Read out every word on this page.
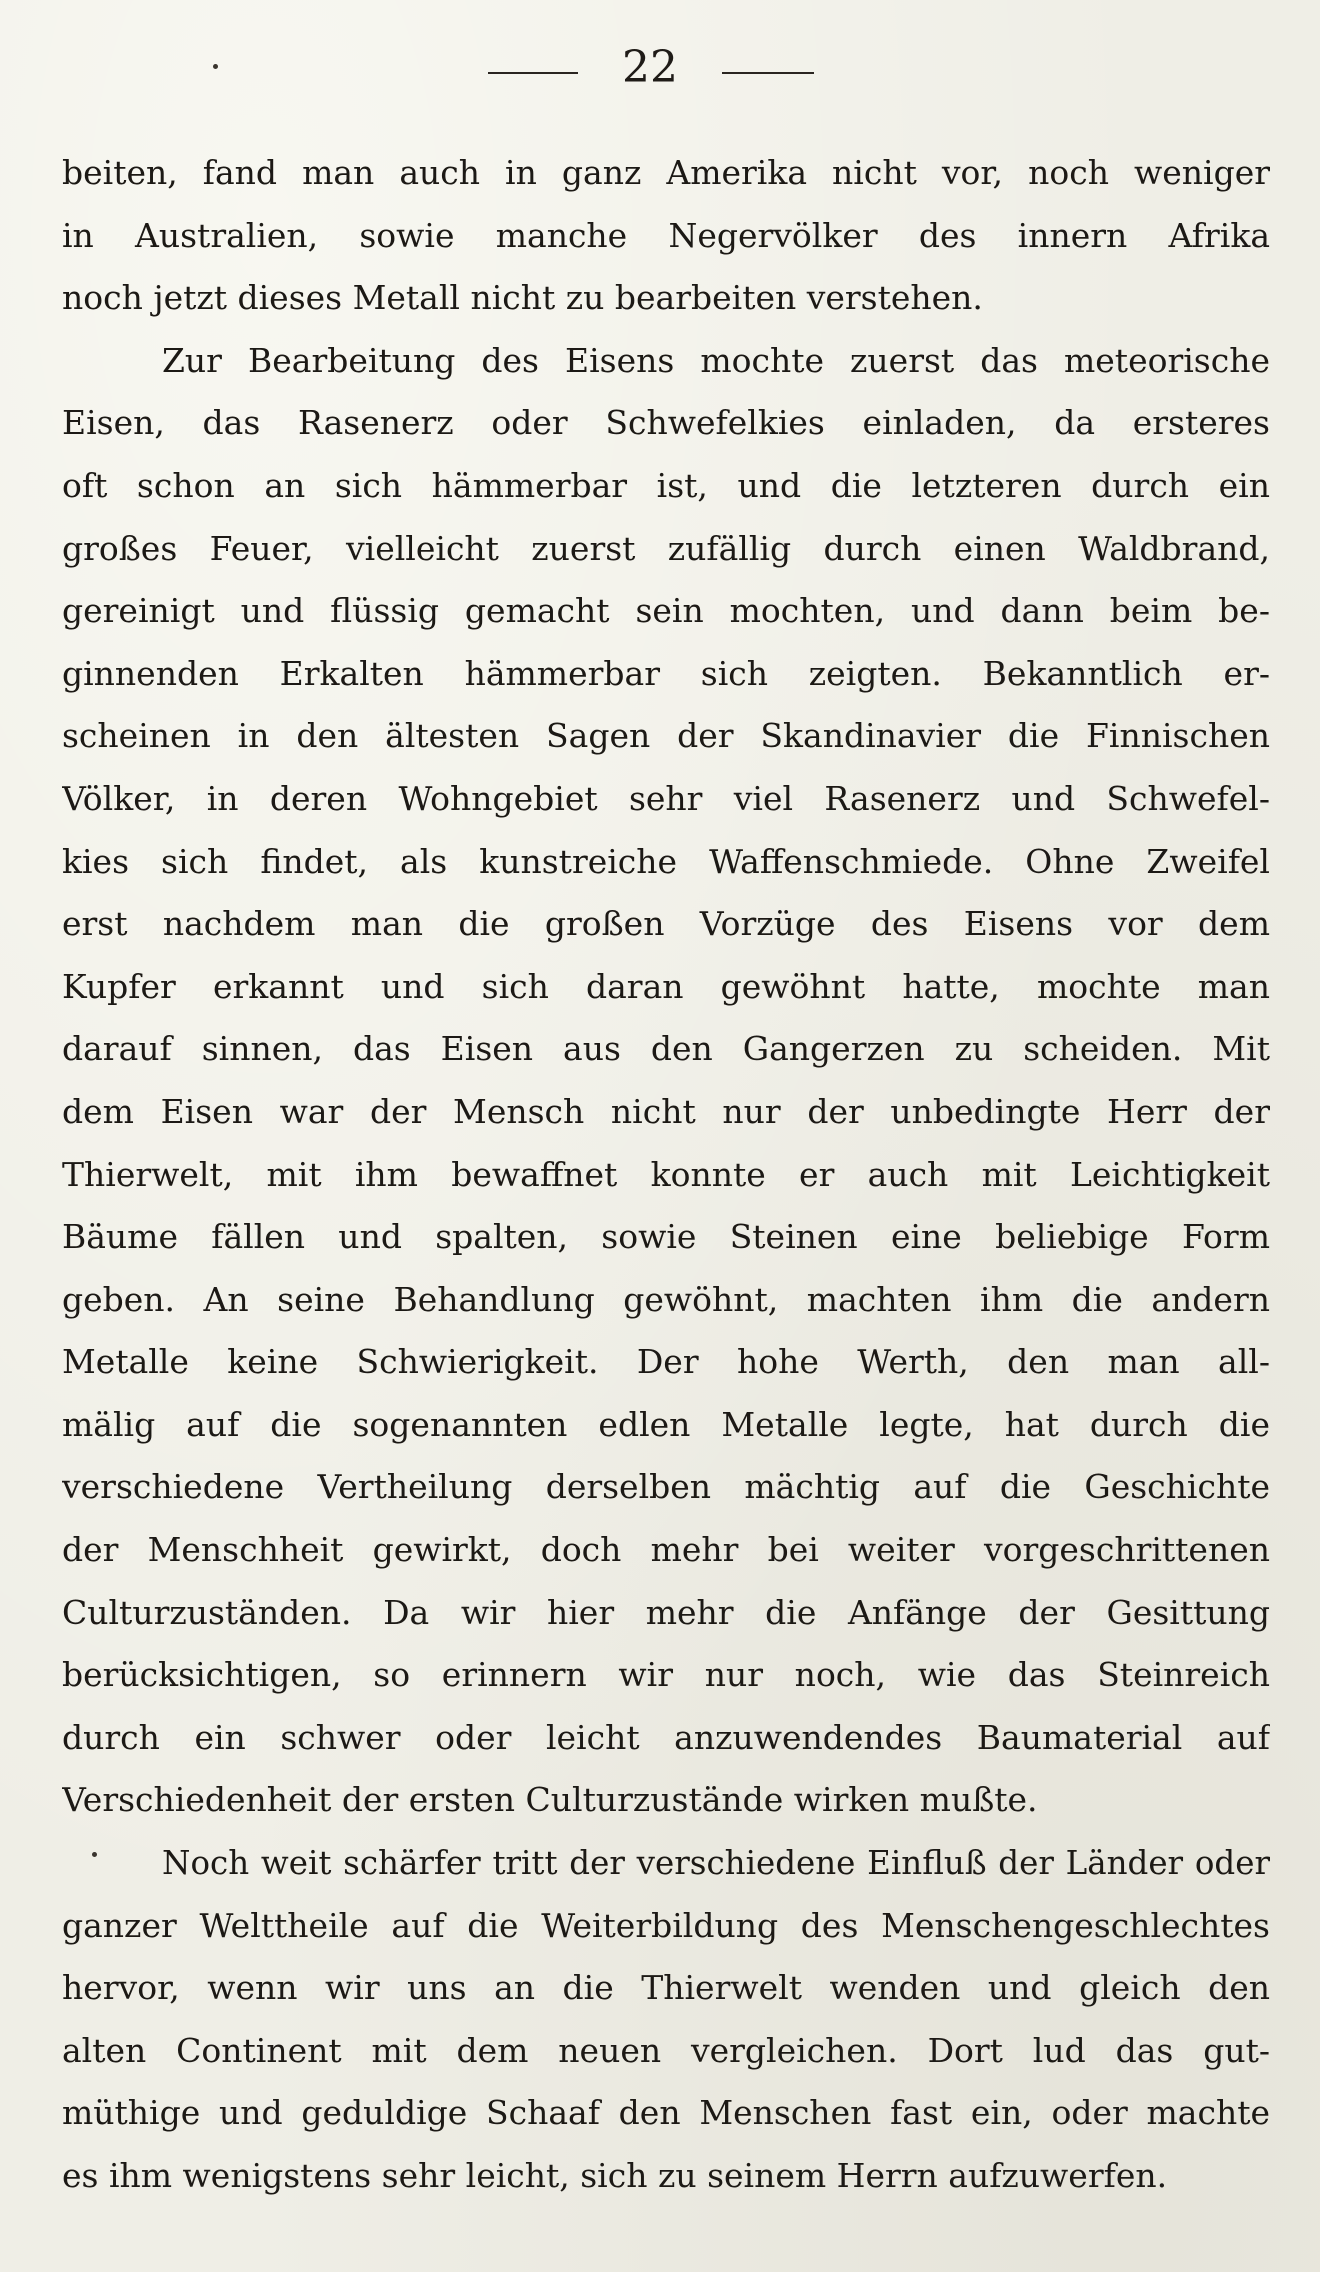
22
beiten, fand man auch in ganz Amerika nicht vor, noch weniger
in Australien, sowie manche Negervölker des innern Afrika
noch jetzt dieses Metall nicht zu bearbeiten verstehen.
Zur Bearbeitung des Eisens mochte zuerst das meteorische
Eisen, das Rasenerz oder Schwefelkies einladen, da ersteres
oft schon an sich hämmerbar ist, und die letzteren durch ein
großes Feuer, vielleicht zuerst zufällig durch einen Waldbrand,
gereinigt und flüssig gemacht sein mochten, und dann beim be-
ginnenden Erkalten hämmerbar sich zeigten. Bekanntlich er-
scheinen in den ältesten Sagen der Skandinavier die Finnischen
Völker, in deren Wohngebiet sehr viel Rasenerz und Schwefel-
kies sich findet, als kunstreiche Waffenschmiede. Ohne Zweifel
erst nachdem man die großen Vorzüge des Eisens vor dem
Kupfer erkannt und sich daran gewöhnt hatte, mochte man
darauf sinnen, das Eisen aus den Gangerzen zu scheiden. Mit
dem Eisen war der Mensch nicht nur der unbedingte Herr der
Thierwelt, mit ihm bewaffnet konnte er auch mit Leichtigkeit
Bäume fällen und spalten, sowie Steinen eine beliebige Form
geben. An seine Behandlung gewöhnt, machten ihm die andern
Metalle keine Schwierigkeit. Der hohe Werth, den man all-
mälig auf die sogenannten edlen Metalle legte, hat durch die
verschiedene Vertheilung derselben mächtig auf die Geschichte
der Menschheit gewirkt, doch mehr bei weiter vorgeschrittenen
Culturzuständen. Da wir hier mehr die Anfänge der Gesittung
berücksichtigen, so erinnern wir nur noch, wie das Steinreich
durch ein schwer oder leicht anzuwendendes Baumaterial auf
Verschiedenheit der ersten Culturzustände wirken mußte.
Noch weit schärfer tritt der verschiedene Einfluß der Länder oder
ganzer Welttheile auf die Weiterbildung des Menschengeschlechtes
hervor, wenn wir uns an die Thierwelt wenden und gleich den
alten Continent mit dem neuen vergleichen. Dort lud das gut-
müthige und geduldige Schaaf den Menschen fast ein, oder machte
es ihm wenigstens sehr leicht, sich zu seinem Herrn aufzuwerfen.
